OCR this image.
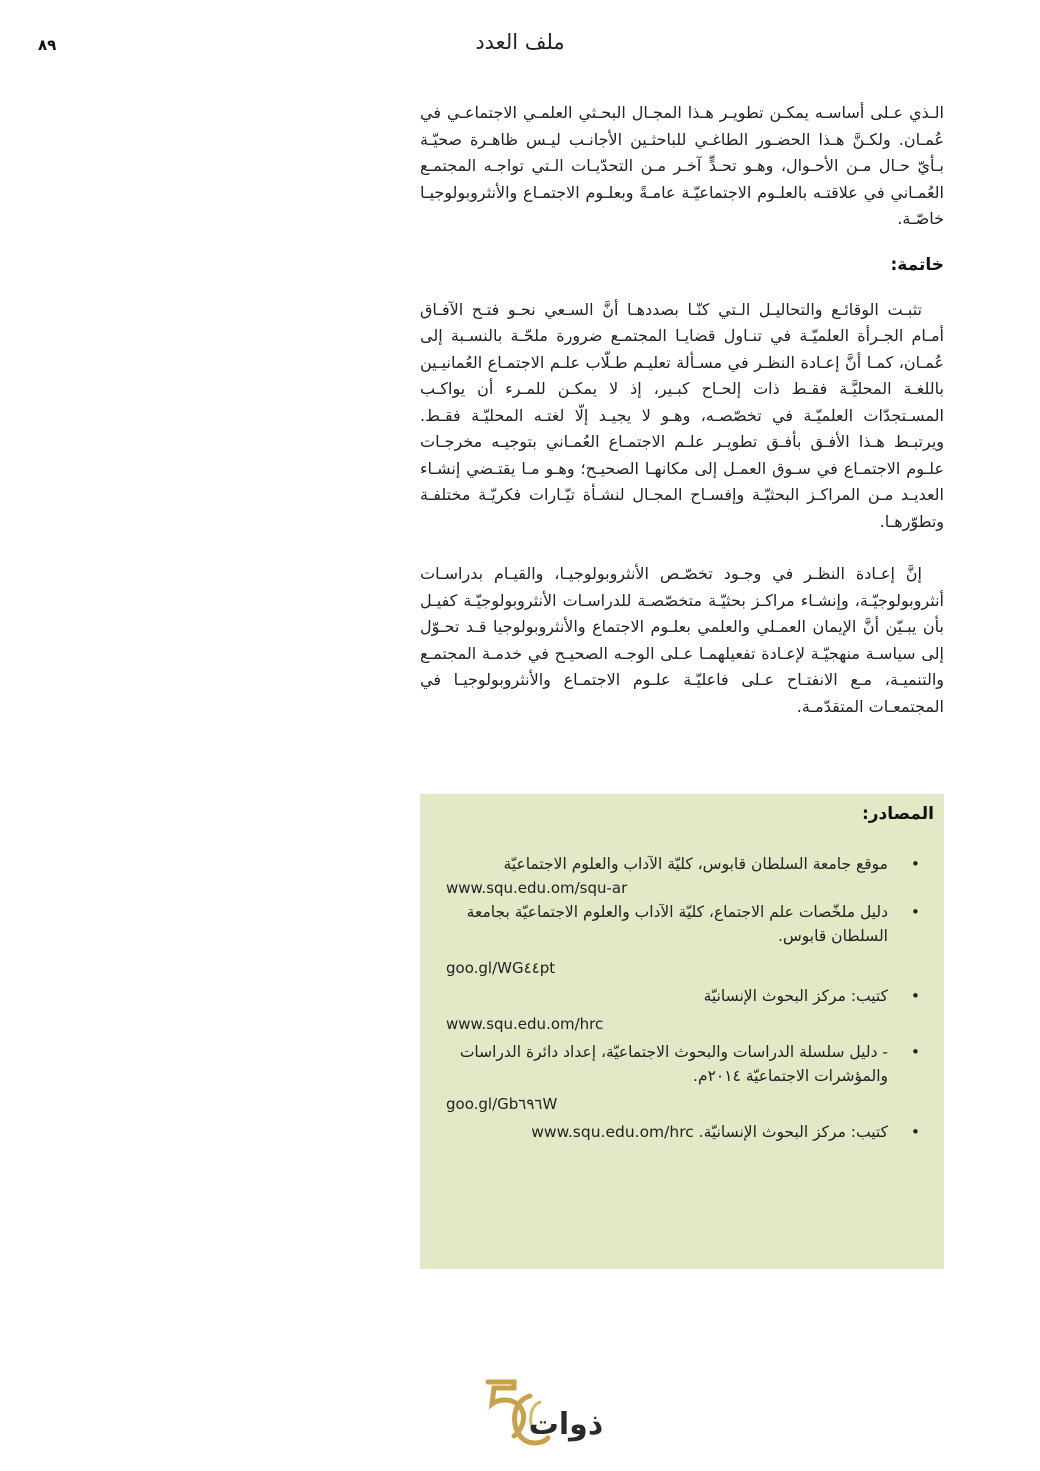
٨٩	ملف العدد

الـذي عـلى أساسـه يمكـن تطويـر هـذا المجـال البحـثي العلمـي الاجتماعـي في عُمـان. ولكـنَّ هـذا الحضـور الطاغـي للباحثـين الأجانـب ليـس ظاهـرة صحيّـة بـأيّ حـال مـن الأحـوال، وهـو تحـدٍّ آخـر مـن التحدّيـات الـتي تواجـه المجتمـع العُمـاني في علاقتـه بالعلـوم الاجتماعيّـة عامـةً وبعلـوم الاجتمـاع والأنثروبولوجيـا خاصّـة.

خاتمة:

تثبـت الوقائـع والتحاليـل الـتي كنّـا بصددهـا أنَّ السـعي نحـو فتـح الآفـاق أمـام الجـرأة العلميّـة في تنـاول قضايـا المجتمـع ضرورة ملحّـة بالنسـبة إلى عُمـان، كمـا أنَّ إعـادة النظـر في مسـألة تعليـم طـلّاب علـم الاجتمـاع العُمانيـين باللغـة المحليَّـة فقـط ذات إلحـاح كبـير، إذ لا يمكـن للمـرء أن يواكـب المسـتجدّات العلميّـة في تخصّصـه، وهـو لا يجيـد إلّا لغتـه المحليّـة فقـط. ويرتبـط هـذا الأفـق بأفـق تطويـر علـم الاجتمـاع العُمـاني بتوجيـه مخرجـات علـوم الاجتمـاع في سـوق العمـل إلى مكانهـا الصحيـح؛ وهـو مـا يقتـضي إنشـاء العديـد مـن المراكـز البحثيّـة وإفسـاح المجـال لنشـأة تيّـارات فكريّـة مختلفـة وتطوّرهـا.

إنَّ إعـادة النظـر في وجـود تخصّـص الأنثروبولوجيـا، والقيـام بدراسـات أنثروبولوجيّـة، وإنشـاء مراكـز بحثيّـة متخصّصـة للدراسـات الأنثروبولوجيّـة كفيـل بأن يبـيّن أنَّ الإيمان العمـلي والعلمي بعلـوم الاجتماع والأنثروبولوجيا قـد تحـوّل إلى سياسـة منهجيّـة لإعـادة تفعيلهمـا عـلى الوجـه الصحيـح في خدمـة المجتمـع والتنميـة، مـع الانفتـاح عـلى فاعليّـة علـوم الاجتمـاع والأنثروبولوجيـا في المجتمعـات المتقدّمـة.

المصادر:
•
موقع جامعة السلطان قابوس، كليّة الآداب والعلوم الاجتماعيّة
www.squ.edu.om/squ-ar
•
دليل ملخّصات علم الاجتماع، كليّة الآداب والعلوم الاجتماعيّة بجامعة السلطان قابوس.
goo.gl/WG٤٤pt
•
كتيب: مركز البحوث الإنسانيّة
www.squ.edu.om/hrc
•
- دليل سلسلة الدراسات والبحوث الاجتماعيّة، إعداد دائرة الدراسات والمؤشرات الاجتماعيّة ٢٠١٤م.
goo.gl/Gb٦٩٦W
•
كتيب: مركز البحوث الإنسانيّة. www.squ.edu.om/hrc
ذوات
